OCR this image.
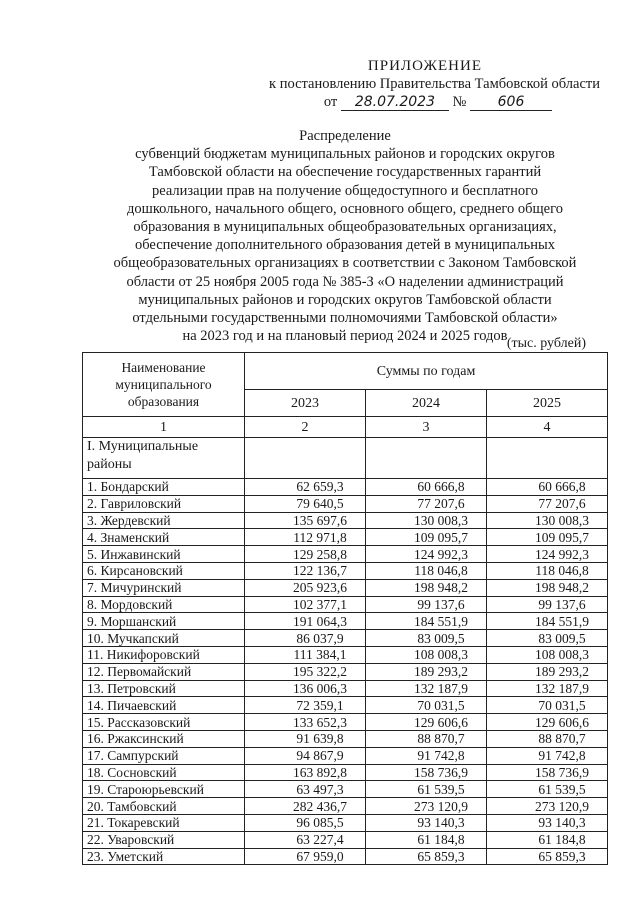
ПРИЛОЖЕНИЕ
к постановлению Правительства Тамбовской области
от 28.07.2023 № 606
Распределение
субвенций бюджетам муниципальных районов и городских округов
Тамбовской области на обеспечение государственных гарантий
реализации прав на получение общедоступного и бесплатного
дошкольного, начального общего, основного общего, среднего общего
образования в муниципальных общеобразовательных организациях,
обеспечение дополнительного образования детей в муниципальных
общеобразовательных организациях в соответствии с Законом Тамбовской
области от 25 ноября 2005 года № 385-З «О наделении администраций
муниципальных районов и городских округов Тамбовской области
отдельными государственными полномочиями Тамбовской области»
на 2023 год и на плановый период 2024 и 2025 годов (тыс. рублей)
Наименование муниципального образования	Суммы по годам		
	2023	2024	2025
1	2	3	4
I. Муниципальные районы			
1. Бондарский	62 659,3	60 666,8	60 666,8
2. Гавриловский	79 640,5	77 207,6	77 207,6
3. Жердевский	135 697,6	130 008,3	130 008,3
4. Знаменский	112 971,8	109 095,7	109 095,7
5. Инжавинский	129 258,8	124 992,3	124 992,3
6. Кирсановский	122 136,7	118 046,8	118 046,8
7. Мичуринский	205 923,6	198 948,2	198 948,2
8. Мордовский	102 377,1	99 137,6	99 137,6
9. Моршанский	191 064,3	184 551,9	184 551,9
10. Мучкапский	86 037,9	83 009,5	83 009,5
11. Никифоровский	111 384,1	108 008,3	108 008,3
12. Первомайский	195 322,2	189 293,2	189 293,2
13. Петровский	136 006,3	132 187,9	132 187,9
14. Пичаевский	72 359,1	70 031,5	70 031,5
15. Рассказовский	133 652,3	129 606,6	129 606,6
16. Ржаксинский	91 639,8	88 870,7	88 870,7
17. Сампурский	94 867,9	91 742,8	91 742,8
18. Сосновский	163 892,8	158 736,9	158 736,9
19. Староюрьевский	63 497,3	61 539,5	61 539,5
20. Тамбовский	282 436,7	273 120,9	273 120,9
21. Токаревский	96 085,5	93 140,3	93 140,3
22. Уваровский	63 227,4	61 184,8	61 184,8
23. Уметский	67 959,0	65 859,3	65 859,3
